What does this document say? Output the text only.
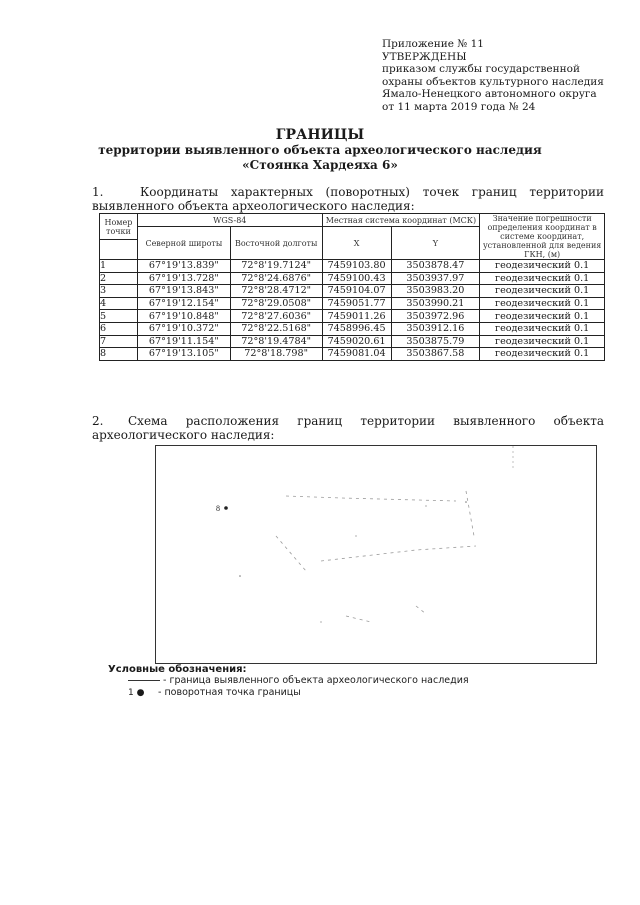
Приложение № 11
УТВЕРЖДЕНЫ
приказом службы государственной
охраны объектов культурного наследия
Ямало-Ненецкого автономного округа
от 11 марта 2019 года № 24
ГРАНИЦЫ
территории выявленного объекта археологического наследия
«Стоянка Хардеяха 6»
1.	Координаты характерных (поворотных) точек границ территории выявленного объекта археологического наследия:
Номер точки	WGS-84		Местная система координат (МСК)		Значение погрешности определения координат в системе координат, установленной для ведения ГКН, (м)
	Северной широты	Восточной долготы	X	Y	

1	67°19'13.839"	72°8'19.7124"	7459103.80	3503878.47	геодезический 0.1
2	67°19'13.728"	72°8'24.6876"	7459100.43	3503937.97	геодезический 0.1
3	67°19'13.843"	72°8'28.4712"	7459104.07	3503983.20	геодезический 0.1
4	67°19'12.154"	72°8'29.0508"	7459051.77	3503990.21	геодезический 0.1
5	67°19'10.848"	72°8'27.6036"	7459011.26	3503972.96	геодезический 0.1
6	67°19'10.372"	72°8'22.5168"	7458996.45	3503912.16	геодезический 0.1
7	67°19'11.154"	72°8'19.4784"	7459020.61	3503875.79	геодезический 0.1
8	67°19'13.105"	72°8'18.798"	7459081.04	3503867.58	геодезический 0.1
2. Схема расположения границ территории выявленного объекта археологического наследия:
8
Условные обозначения:
- граница выявленного объекта археологического наследия
1 ● - поворотная точка границы
